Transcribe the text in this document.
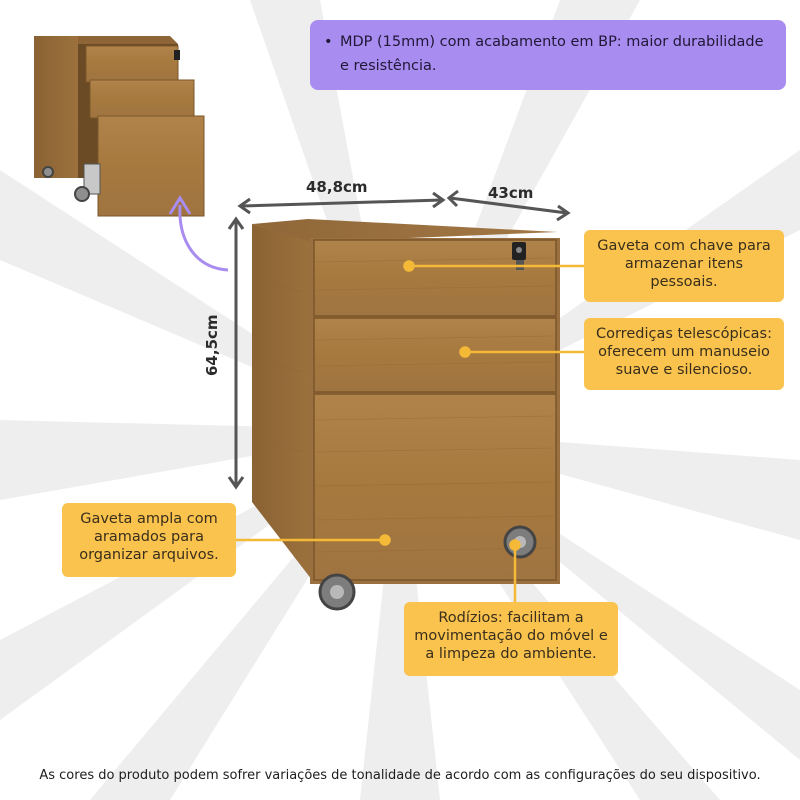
• MDP (15mm) com acabamento em BP: maior durabilidade
e resistência.
48,8cm	43cm
64,5cm
Gaveta com chave para
armazenar itens
pessoais.
Corrediças telescópicas:
oferecem um manuseio
suave e silencioso.
Gaveta ampla com
aramados para
organizar arquivos.
Rodízios: facilitam a
movimentação do móvel e
a limpeza do ambiente.
As cores do produto podem sofrer variações de tonalidade de acordo com as configurações do seu dispositivo.
